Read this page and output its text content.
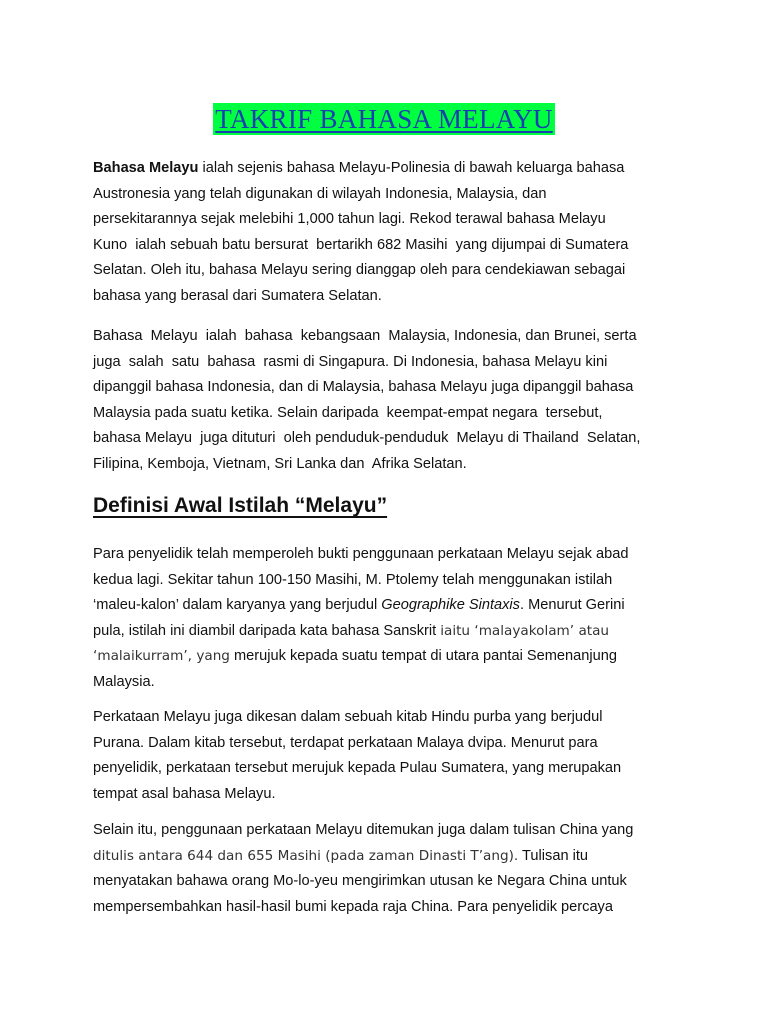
TAKRIF BAHASA MELAYU

Bahasa Melayu ialah sejenis bahasa Melayu-Polinesia di bawah keluarga bahasa
Austronesia yang telah digunakan di wilayah Indonesia, Malaysia, dan
persekitarannya sejak melebihi 1,000 tahun lagi. Rekod terawal bahasa Melayu
Kuno  ialah sebuah batu bersurat  bertarikh 682 Masihi  yang dijumpai di Sumatera
Selatan. Oleh itu, bahasa Melayu sering dianggap oleh para cendekiawan sebagai
bahasa yang berasal dari Sumatera Selatan.

Bahasa  Melayu  ialah  bahasa  kebangsaan  Malaysia, Indonesia, dan Brunei, serta
juga  salah  satu  bahasa  rasmi di Singapura. Di Indonesia, bahasa Melayu kini
dipanggil bahasa Indonesia, dan di Malaysia, bahasa Melayu juga dipanggil bahasa
Malaysia pada suatu ketika. Selain daripada  keempat-empat negara  tersebut,
bahasa Melayu  juga dituturi  oleh penduduk-penduduk  Melayu di Thailand  Selatan,
Filipina, Kemboja, Vietnam, Sri Lanka dan  Afrika Selatan.

Definisi Awal Istilah “Melayu”

Para penyelidik telah memperoleh bukti penggunaan perkataan Melayu sejak abad
kedua lagi. Sekitar tahun 100-150 Masihi, M. Ptolemy telah menggunakan istilah
‘maleu-kalon’ dalam karyanya yang berjudul Geographike Sintaxis. Menurut Gerini
pula, istilah ini diambil daripada kata bahasa Sanskrit iaitu ‘malayakolam’ atau
‘malaikurram’, yang merujuk kepada suatu tempat di utara pantai Semenanjung
Malaysia.

Perkataan Melayu juga dikesan dalam sebuah kitab Hindu purba yang berjudul
Purana. Dalam kitab tersebut, terdapat perkataan Malaya dvipa. Menurut para
penyelidik, perkataan tersebut merujuk kepada Pulau Sumatera, yang merupakan
tempat asal bahasa Melayu.

Selain itu, penggunaan perkataan Melayu ditemukan juga dalam tulisan China yang
ditulis antara 644 dan 655 Masihi (pada zaman Dinasti T’ang). Tulisan itu
menyatakan bahawa orang Mo-lo-yeu mengirimkan utusan ke Negara China untuk
mempersembahkan hasil-hasil bumi kepada raja China. Para penyelidik percaya
